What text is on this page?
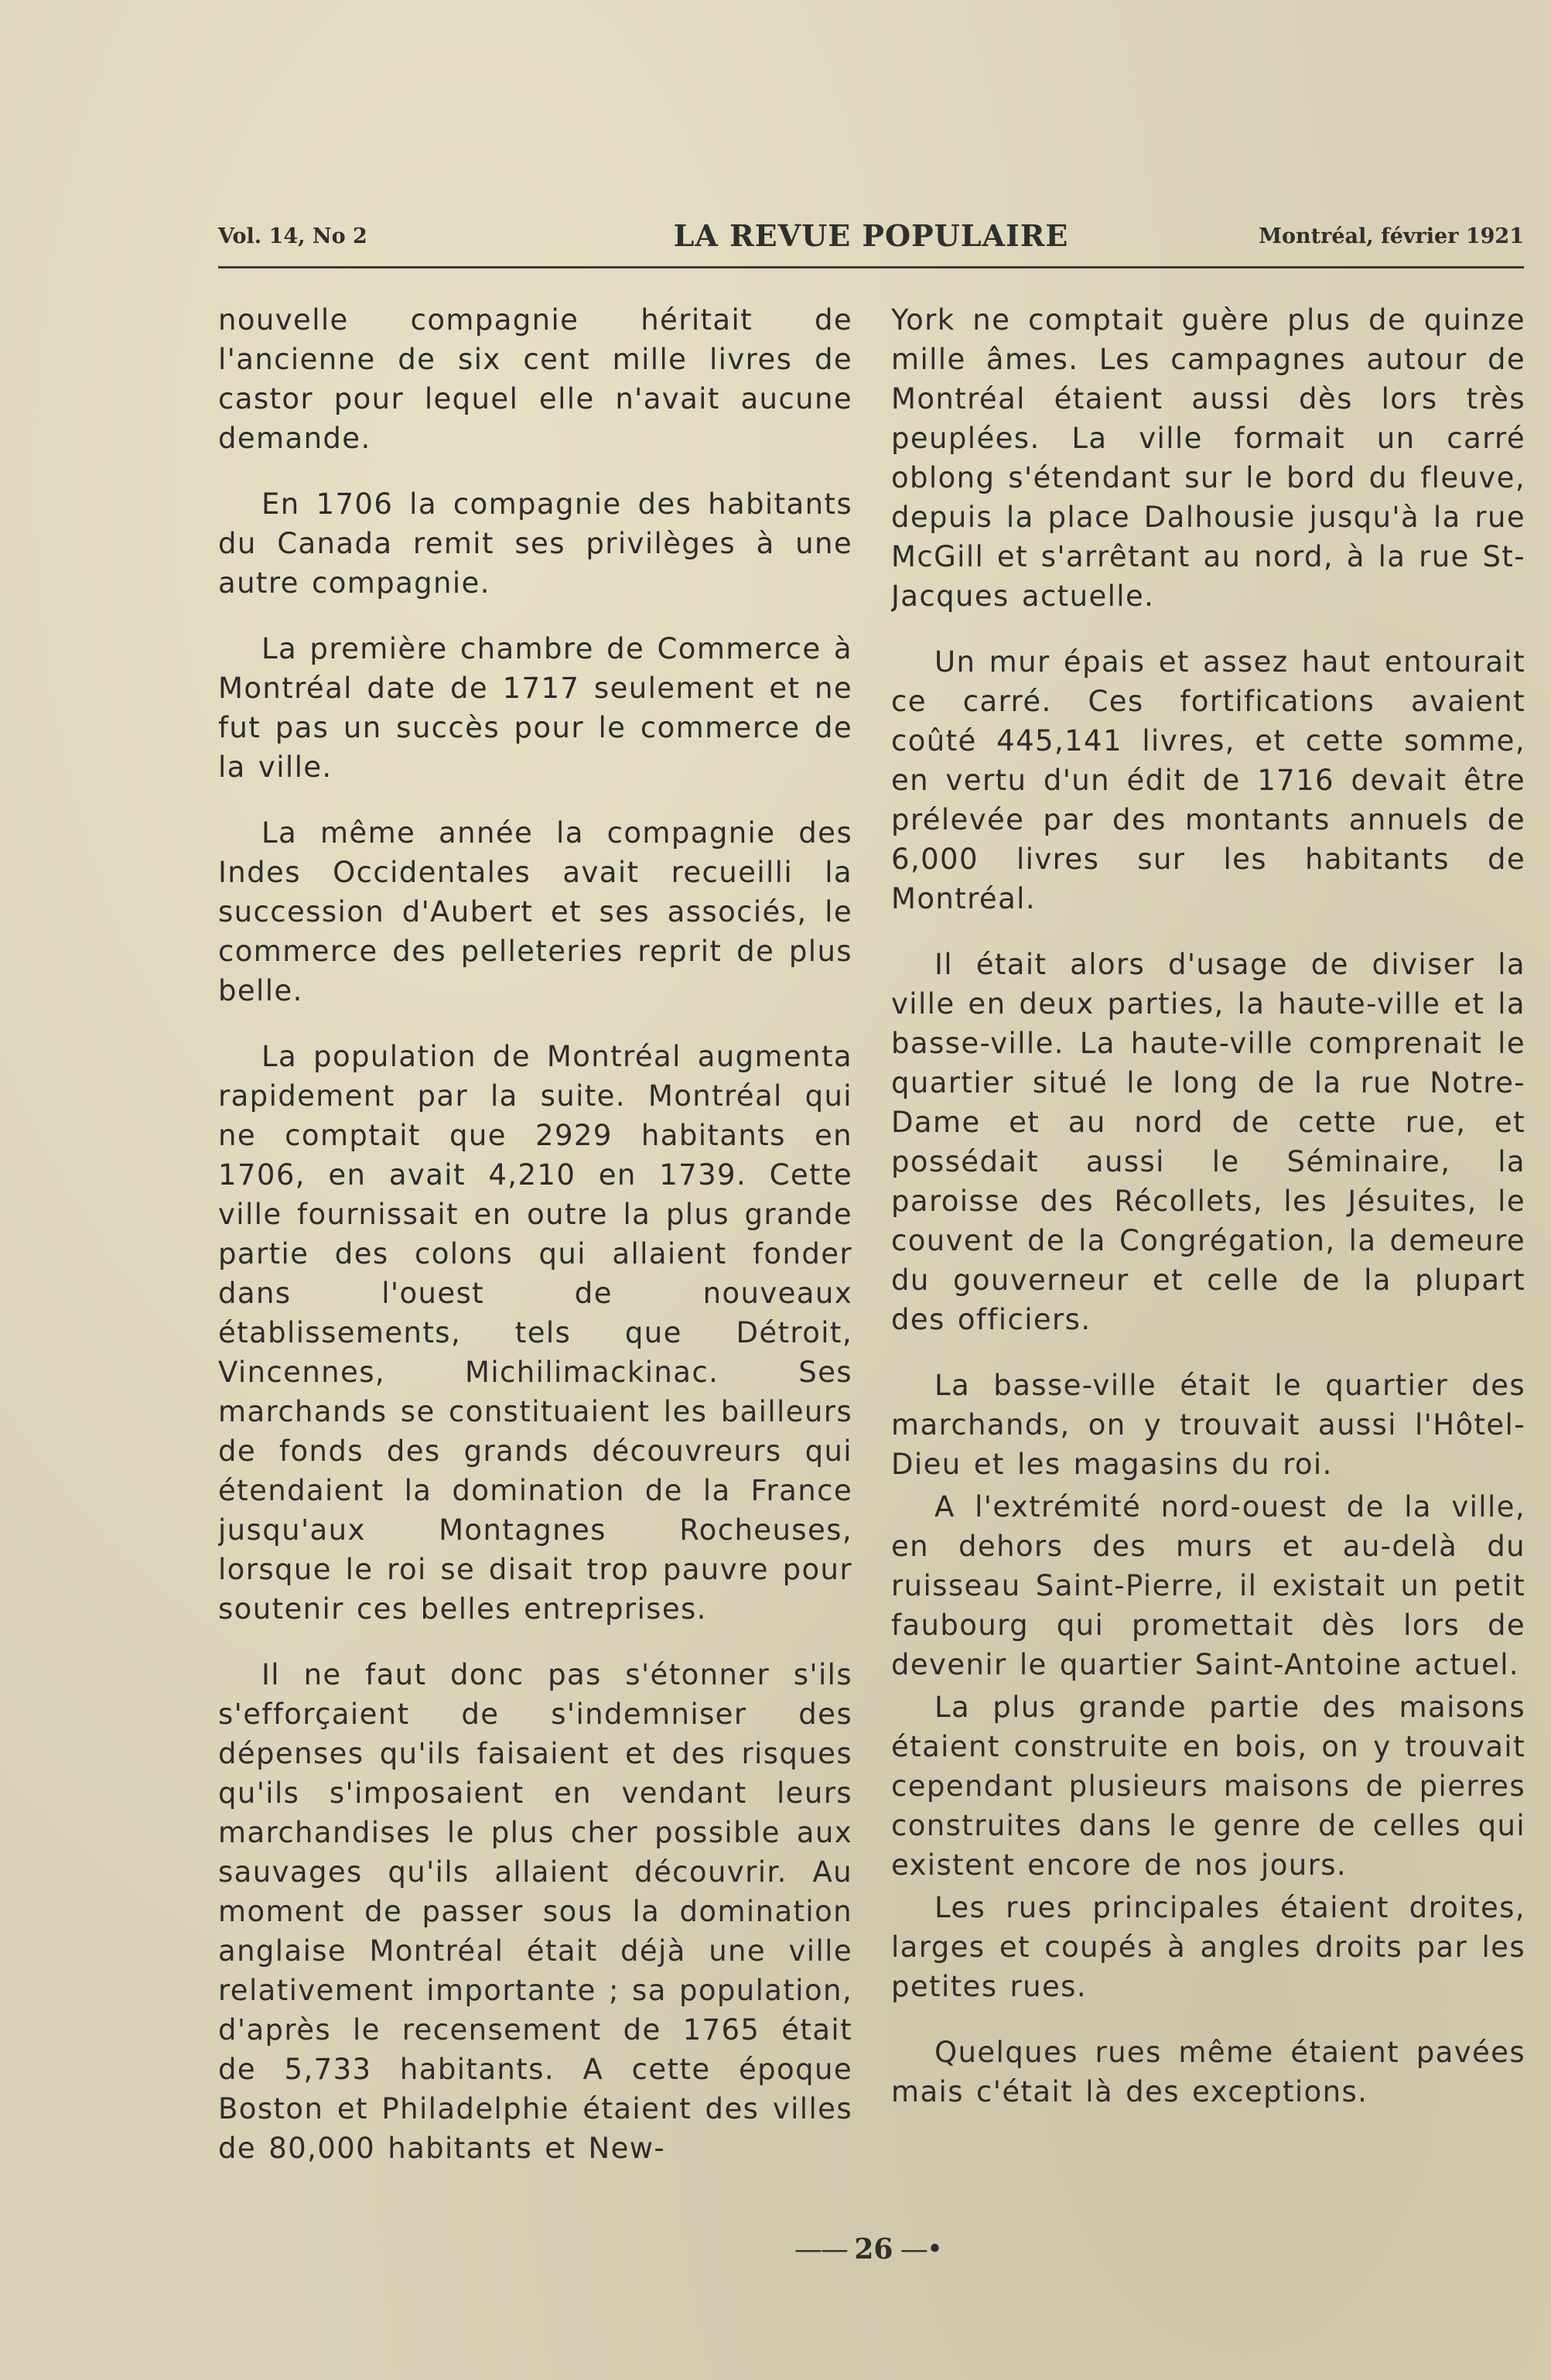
Vol. 14, No 2	LA REVUE POPULAIRE	Montréal, février 1921

nouvelle compagnie héritait de l'ancienne de six cent mille livres de castor pour lequel elle n'avait aucune demande.

En 1706 la compagnie des habitants du Canada remit ses privilèges à une autre compagnie.

La première chambre de Commerce à Montréal date de 1717 seulement et ne fut pas un succès pour le commerce de la ville.

La même année la compagnie des Indes Occidentales avait recueilli la succession d'Aubert et ses associés, le commerce des pelleteries reprit de plus belle.

La population de Montréal augmenta rapidement par la suite. Montréal qui ne comptait que 2929 habitants en 1706, en avait 4,210 en 1739. Cette ville fournissait en outre la plus grande partie des colons qui allaient fonder dans l'ouest de nouveaux établissements, tels que Détroit, Vincennes, Michilimackinac. Ses marchands se constituaient les bailleurs de fonds des grands découvreurs qui étendaient la domination de la France jusqu'aux Montagnes Rocheuses, lorsque le roi se disait trop pauvre pour soutenir ces belles entreprises.

Il ne faut donc pas s'étonner s'ils s'efforçaient de s'indemniser des dépenses qu'ils faisaient et des risques qu'ils s'imposaient en vendant leurs marchandises le plus cher possible aux sauvages qu'ils allaient découvrir. Au moment de passer sous la domination anglaise Montréal était déjà une ville relativement importante ; sa population, d'après le recensement de 1765 était de 5,733 habitants. A cette époque Boston et Philadelphie étaient des villes de 80,000 habitants et New-

York ne comptait guère plus de quinze mille âmes. Les campagnes autour de Montréal étaient aussi dès lors très peuplées. La ville formait un carré oblong s'étendant sur le bord du fleuve, depuis la place Dalhousie jusqu'à la rue McGill et s'arrêtant au nord, à la rue St-Jacques actuelle.

Un mur épais et assez haut entourait ce carré. Ces fortifications avaient coûté 445,141 livres, et cette somme, en vertu d'un édit de 1716 devait être prélevée par des montants annuels de 6,000 livres sur les habitants de Montréal.

Il était alors d'usage de diviser la ville en deux parties, la haute-ville et la basse-ville. La haute-ville comprenait le quartier situé le long de la rue Notre-Dame et au nord de cette rue, et possédait aussi le Séminaire, la paroisse des Récollets, les Jésuites, le couvent de la Congrégation, la demeure du gouverneur et celle de la plupart des officiers.

La basse-ville était le quartier des marchands, on y trouvait aussi l'Hôtel-Dieu et les magasins du roi.

A l'extrémité nord-ouest de la ville, en dehors des murs et au-delà du ruisseau Saint-Pierre, il existait un petit faubourg qui promettait dès lors de devenir le quartier Saint-Antoine actuel.

La plus grande partie des maisons étaient construite en bois, on y trouvait cependant plusieurs maisons de pierres construites dans le genre de celles qui existent encore de nos jours.

Les rues principales étaient droites, larges et coupés à angles droits par les petites rues.

Quelques rues même étaient pavées mais c'était là des exceptions.

—— 26 —•
